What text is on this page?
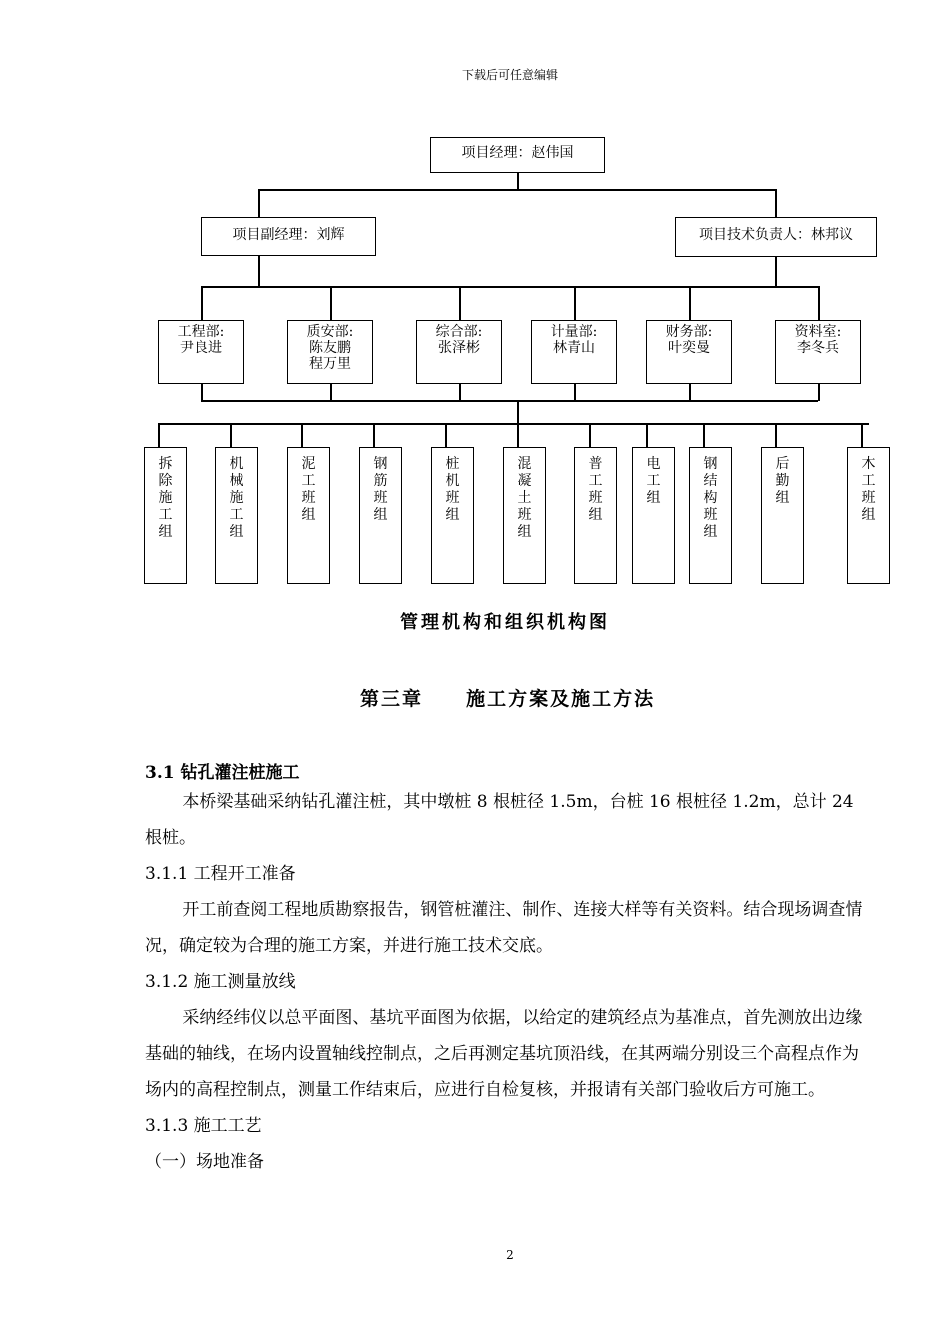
下载后可任意编辑
项目经理：赵伟国
项目副经理：刘辉	项目技术负责人：林邦议
工程部:
尹良进
质安部:
陈友鹏
程万里
综合部:
张泽彬
计量部:
林青山
财务部:
叶奕曼
资料室:
李冬兵
拆除施工组
机械施工组
泥工班组
钢筋班组
桩机班组
混凝土班组
普工班组
电工组
钢结构班组
后勤组
木工班组
管理机构和组织机构图
第三章     施工方案及施工方法
3.1 钻孔灌注桩施工

本桥梁基础采纳钻孔灌注桩，其中墩桩 8 根桩径 1.5m，台桩 16 根桩径 1.2m，总计 24 根桩。

3.1.1 工程开工准备

开工前查阅工程地质勘察报告，钢管桩灌注、制作、连接大样等有关资料。结合现场调查情况，确定较为合理的施工方案，并进行施工技术交底。

3.1.2 施工测量放线

采纳经纬仪以总平面图、基坑平面图为依据，以给定的建筑经点为基准点，首先测放出边缘基础的轴线，在场内设置轴线控制点，之后再测定基坑顶沿线，在其两端分别设三个高程点作为场内的高程控制点，测量工作结束后，应进行自检复核，并报请有关部门验收后方可施工。

3.1.3 施工工艺

（一）场地准备

2
